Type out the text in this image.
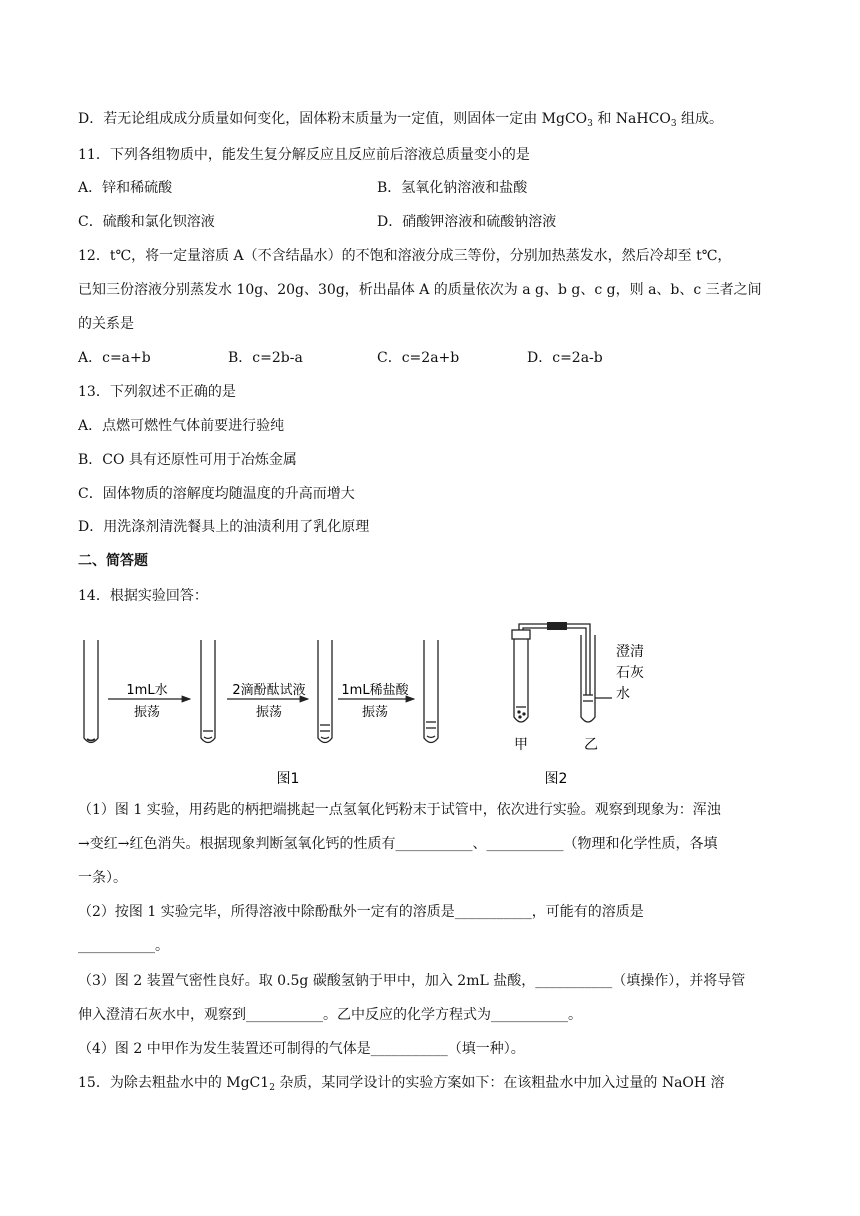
D．若无论组成成分质量如何变化，固体粉末质量为一定值，则固体一定由 MgCO$_3$ 和 NaHCO$_3$ 组成。
11．下列各组物质中，能发生复分解反应且反应前后溶液总质量变小的是
A．锌和稀硫酸	B．氢氧化钠溶液和盐酸
C．硫酸和氯化钡溶液	D．硝酸钾溶液和硫酸钠溶液
12．t℃，将一定量溶质 A（不含结晶水）的不饱和溶液分成三等份，分别加热蒸发水，然后冷却至 t℃，
已知三份溶液分别蒸发水 10g、20g、30g，析出晶体 A 的质量依次为 a g、b g、c g，则 a、b、c 三者之间
的关系是
A．c=a+b	B．c=2b-a	C．c=2a+b	D．c=2a-b
13．下列叙述不正确的是
A．点燃可燃性气体前要进行验纯
B．CO 具有还原性可用于冶炼金属
C．固体物质的溶解度均随温度的升高而增大
D．用洗涤剂清洗餐具上的油渍利用了乳化原理
二、简答题
14．根据实验回答：
1mL水
振荡
2滴酚酞试液
振荡
1mL稀盐酸
振荡
图1
澄清
石灰
水
甲	乙
图2
（1）图 1 实验，用药匙的柄把端挑起一点氢氧化钙粉末于试管中，依次进行实验。观察到现象为：浑浊
→变红→红色消失。根据现象判断氢氧化钙的性质有___________、___________（物理和化学性质，各填
一条）。
（2）按图 1 实验完毕，所得溶液中除酚酞外一定有的溶质是___________，可能有的溶质是
___________。
（3）图 2 装置气密性良好。取 0.5g 碳酸氢钠于甲中，加入 2mL 盐酸，___________（填操作），并将导管
伸入澄清石灰水中，观察到___________。乙中反应的化学方程式为___________。
（4）图 2 中甲作为发生装置还可制得的气体是___________（填一种）。
15．为除去粗盐水中的 $MgC1_2$ 杂质，某同学设计的实验方案如下：在该粗盐水中加入过量的 NaOH 溶
